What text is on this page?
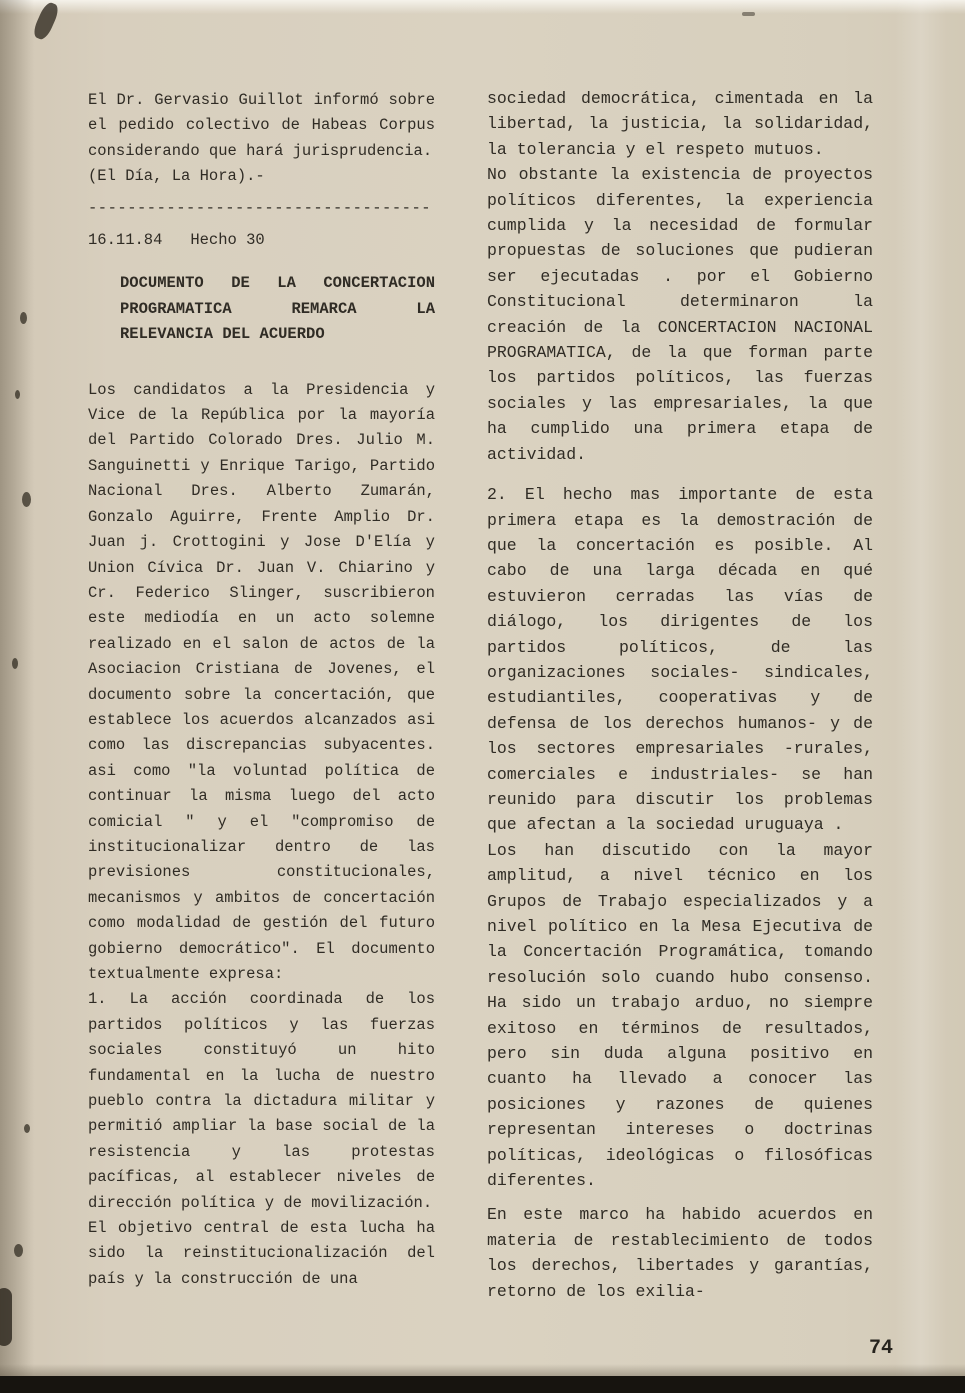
El Dr. Gervasio Guillot informó sobre el pedido colectivo de Habeas Corpus considerando que hará jurisprudencia.

(El Día, La Hora).-

-----------------------------------

16.11.84   Hecho 30

DOCUMENTO DE LA CONCERTACION PROGRAMATICA REMARCA LA RELEVANCIA DEL ACUERDO

Los candidatos a la Presidencia y Vice de la República por la mayoría del Partido Colorado Dres. Julio M. Sanguinetti y Enrique Tarigo, Partido Nacional Dres. Alberto Zumarán, Gonzalo Aguirre, Frente Amplio Dr. Juan j. Crottogini y Jose D'Elía y Union Cívica Dr. Juan V. Chiarino y Cr. Federico Slinger, suscribieron este mediodía en un acto solemne realizado en el salon de actos de la Asociacion Cristiana de Jovenes, el documento sobre la concertación, que establece los acuerdos alcanzados asi como las discrepancias subyacentes. asi como "la voluntad política de continuar la misma luego del acto comicial " y el "compromiso de institucionalizar dentro de las previsiones constitucionales, mecanismos y ambitos de concertación como modalidad de gestión del futuro gobierno democrático". El documento textualmente expresa:

1. La acción coordinada de los partidos políticos y las fuerzas sociales constituyó un hito fundamental en la lucha de nuestro pueblo contra la dictadura militar y permitió ampliar la base social de la resistencia y las protestas pacíficas, al establecer niveles de dirección política y de movilización.

El objetivo central de esta lucha ha sido la reinstitucionalización del país y la construcción de una

sociedad democrática, cimentada en la libertad, la justicia, la solidaridad, la tolerancia y el respeto mutuos.

No obstante la existencia de proyectos políticos diferentes, la experiencia cumplida y la necesidad de formular propuestas de soluciones que pudieran ser ejecutadas . por el Gobierno Constitucional determinaron la creación de la CONCERTACION NACIONAL PROGRAMATICA, de la que forman parte los partidos políticos, las fuerzas sociales y las empresariales, la que ha cumplido una primera etapa de actividad.

2. El hecho mas importante de esta primera etapa es la demostración de que la concertación es posible. Al cabo de una larga década en qué estuvieron cerradas las vías de diálogo, los dirigentes de los partidos políticos, de las organizaciones sociales- sindicales, estudiantiles, cooperativas y de defensa de los derechos humanos- y de los sectores empresariales -rurales, comerciales e industriales- se han reunido para discutir los problemas que afectan a la sociedad uruguaya .

Los han discutido con la mayor amplitud, a nivel técnico en los Grupos de Trabajo especializados y a nivel político en la Mesa Ejecutiva de la Concertación Programática, tomando resolución solo cuando hubo consenso. Ha sido un trabajo arduo, no siempre exitoso en términos de resultados, pero sin duda alguna positivo en cuanto ha llevado a conocer las posiciones y razones de quienes representan intereses o doctrinas políticas, ideológicas o filosóficas diferentes.

En este marco ha habido acuerdos en materia de restablecimiento de todos los derechos, libertades y garantías, retorno de los exilia-

74
